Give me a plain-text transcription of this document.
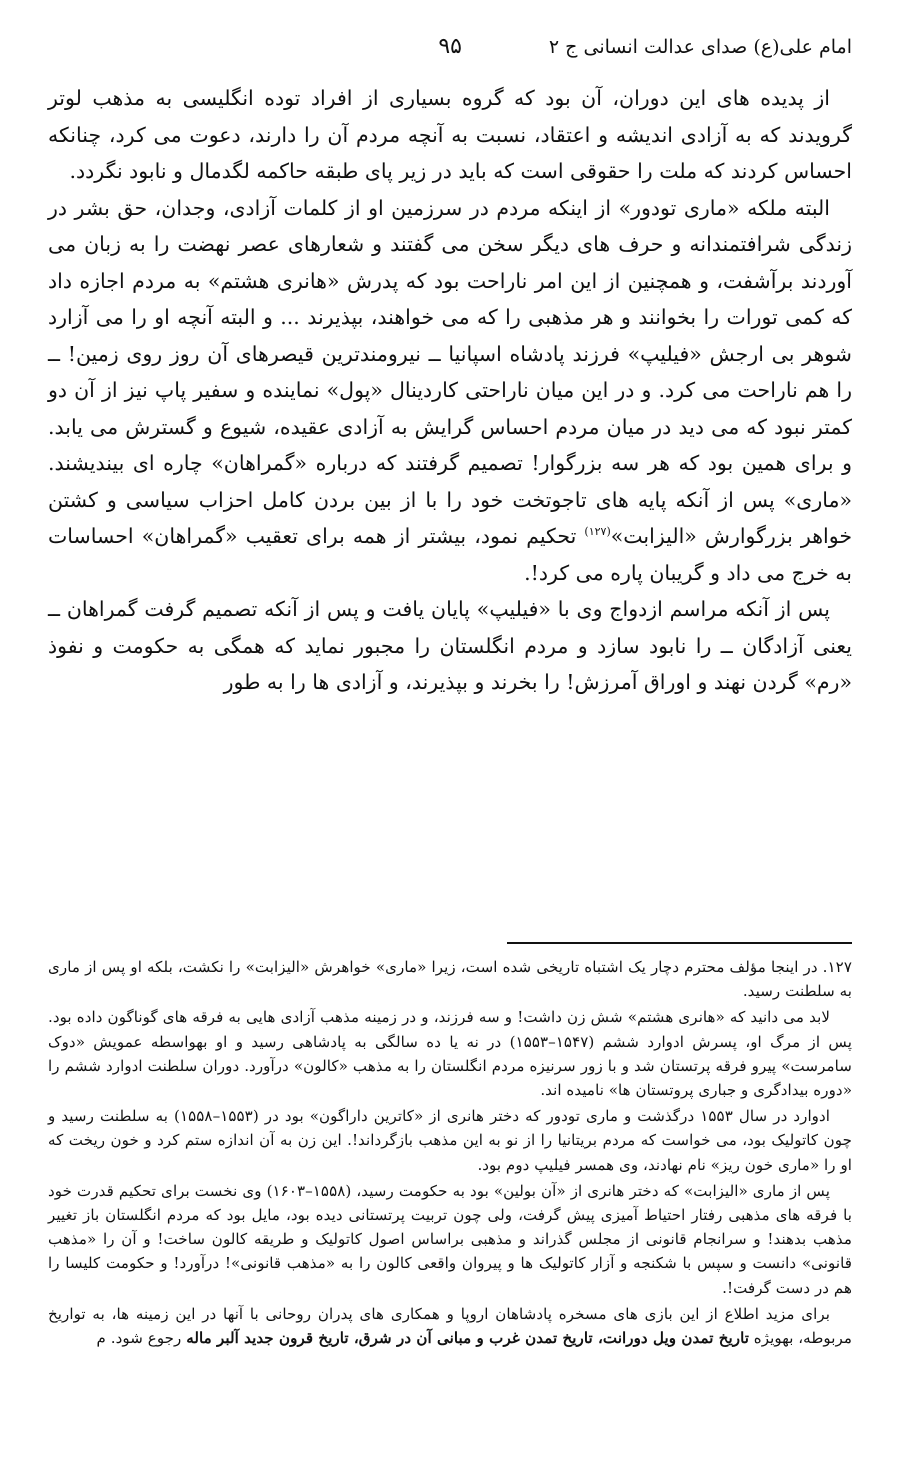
امام علی(ع) صدای عدالت انسانی ج ۲
۹۵

از پدیده های این دوران، آن بود که گروه بسیاری از افراد توده انگلیسی به مذهب لوتر گرویدند که به آزادی اندیشه و اعتقاد، نسبت به آنچه مردم آن را دارند، دعوت می کرد، چنانکه احساس کردند که ملت را حقوقی است که باید در زیر پای طبقه حاکمه لگدمال و نابود نگردد.

البته ملکه «ماری تودور» از اینکه مردم در سرزمین او از کلمات آزادی، وجدان، حق بشر در زندگی شرافتمندانه و حرف های دیگر سخن می گفتند و شعارهای عصر نهضت را به زبان می آوردند برآشفت، و همچنین از این امر ناراحت بود که پدرش «هانری هشتم» به مردم اجازه داد که کمی تورات را بخوانند و هر مذهبی را که می خواهند، بپذیرند ... و البته آنچه او را می آزارد شوهر بی ارجش «فیلیپ» فرزند پادشاه اسپانیا ــ نیرومندترین قیصرهای آن روز روی زمین! ــ را هم ناراحت می کرد. و در این میان ناراحتی کاردینال «پول» نماینده و سفیر پاپ نیز از آن دو کمتر نبود که می دید در میان مردم احساس گرایش به آزادی عقیده، شیوع و گسترش می یابد. و برای همین بود که هر سه بزرگوار! تصمیم گرفتند که درباره «گمراهان» چاره ای بیندیشند. «ماری» پس از آنکه پایه های تاجوتخت خود را با از بین بردن کامل احزاب سیاسی و کشتن خواهر بزرگوارش «الیزابت»$^{(۱۲۷)}$ تحکیم نمود، بیشتر از همه برای تعقیب «گمراهان» احساسات به خرج می داد و گریبان پاره می کرد!.

پس از آنکه مراسم ازدواج وی با «فیلیپ» پایان یافت و پس از آنکه تصمیم گرفت گمراهان ــ یعنی آزادگان ــ را نابود سازد و مردم انگلستان را مجبور نماید که همگی به حکومت و نفوذ «رم» گردن نهند و اوراق آمرزش! را بخرند و بپذیرند، و آزادی ها را به طور

۱۲۷. در اینجا مؤلف محترم دچار یک اشتباه تاریخی شده است، زیرا «ماری» خواهرش «الیزابت» را نکشت، بلکه او پس از ماری به سلطنت رسید.

لابد می دانید که «هانری هشتم» شش زن داشت! و سه فرزند، و در زمینه مذهب آزادی هایی به فرقه های گوناگون داده بود. پس از مرگ او، پسرش ادوارد ششم (۱۵۴۷–۱۵۵۳) در نه یا ده سالگی به پادشاهی رسید و او بهواسطه عمویش «دوک سامرست» پیرو فرقه پرتستان شد و با زور سرنیزه مردم انگلستان را به مذهب «کالون» درآورد. دوران سلطنت ادوارد ششم را «دوره بیدادگری و جباری پروتستان ها» نامیده اند.

ادوارد در سال ۱۵۵۳ درگذشت و ماری تودور که دختر هانری از «کاترین داراگون» بود در (۱۵۵۳–۱۵۵۸) به سلطنت رسید و چون کاتولیک بود، می خواست که مردم بریتانیا را از نو به این مذهب بازگرداند!. این زن به آن اندازه ستم کرد و خون ریخت که او را «ماری خون ریز» نام نهادند، وی همسر فیلیپ دوم بود.

پس از ماری «الیزابت» که دختر هانری از «آن بولین» بود به حکومت رسید، (۱۵۵۸–۱۶۰۳) وی نخست برای تحکیم قدرت خود با فرقه های مذهبی رفتار احتیاط آمیزی پیش گرفت، ولی چون تربیت پرتستانی دیده بود، مایل بود که مردم انگلستان باز تغییر مذهب بدهند! و سرانجام قانونی از مجلس گذراند و مذهبی براساس اصول کاتولیک و طریقه کالون ساخت! و آن را «مذهب قانونی» دانست و سپس با شکنجه و آزار کاتولیک ها و پیروان واقعی کالون را به «مذهب قانونی»! درآورد! و حکومت کلیسا را هم در دست گرفت!.

برای مزید اطلاع از این بازی های مسخره پادشاهان اروپا و همکاری های پدران روحانی با آنها در این زمینه ها، به تواریخ مربوطه، بهویژه تاریخ تمدن ویل دورانت، تاریخ تمدن غرب و مبانی آن در شرق، تاریخ قرون جدید آلبر ماله رجوع شود. م
